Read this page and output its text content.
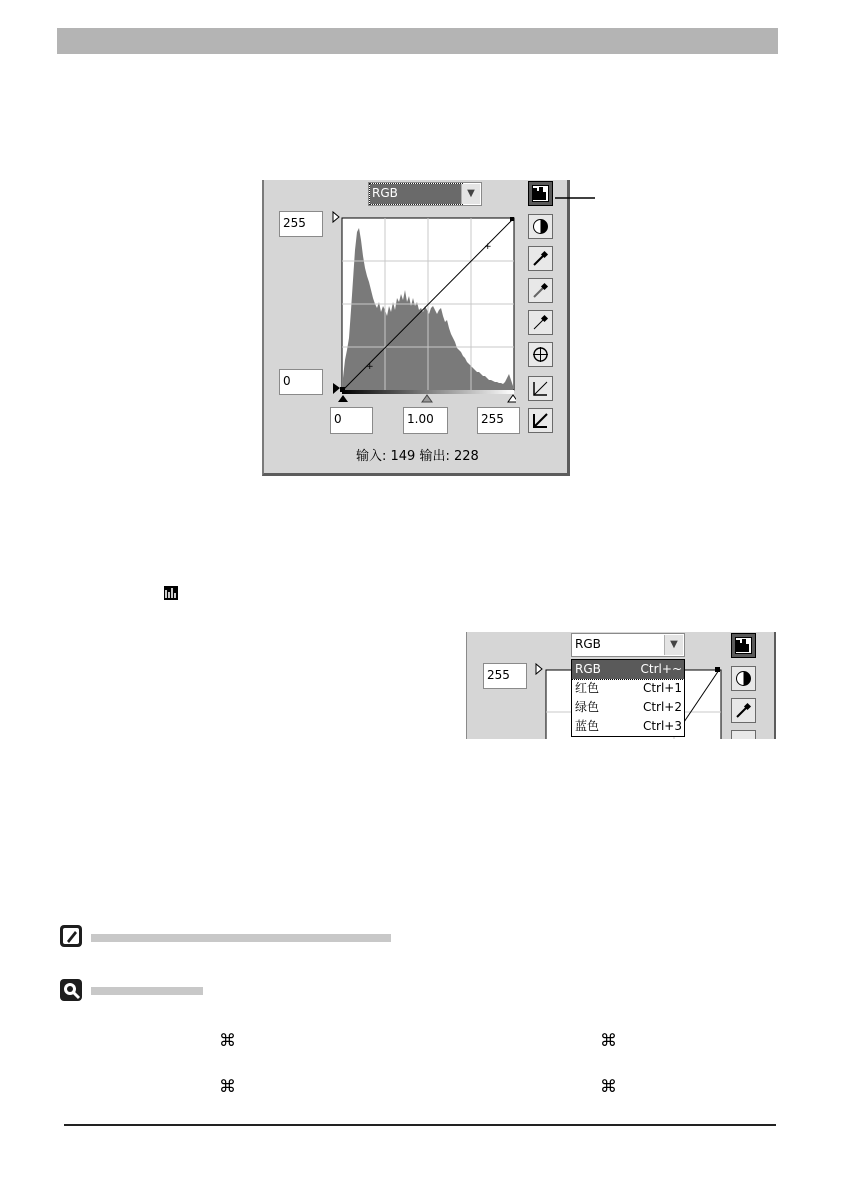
RGB	▼
255
0
+
+
0	1.00	255
输入: 149 输出: 228
RGB	▼
255	RGB	Ctrl+~
红色	Ctrl+1
绿色	Ctrl+2
蓝色	Ctrl+3
⌘	⌘
⌘	⌘
